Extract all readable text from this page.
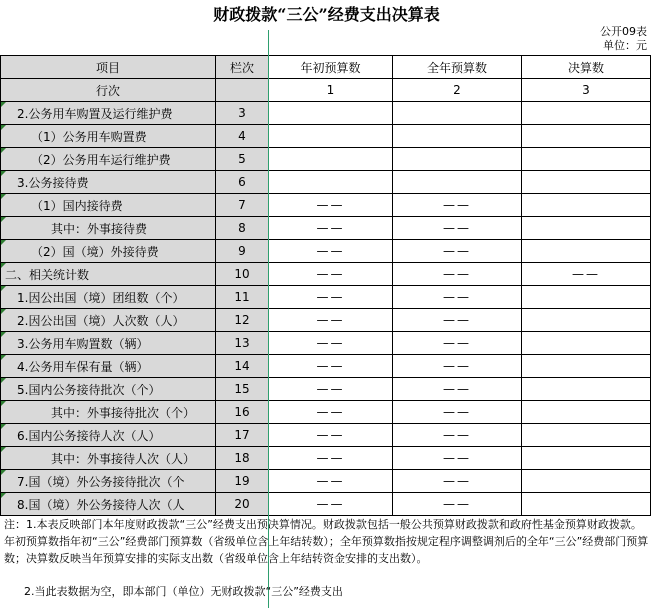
财政拨款“三公”经费支出决算表
公开09表
单位：元
项目	栏次	年初预算数	全年预算数	决算数
行次		1	2	3

2.公务用车购置及运行维护费	3			

（1）公务用车购置费	4			

（2）公务用车运行维护费	5			

3.公务接待费	6			

（1）国内接待费	7	——	——	

其中：外事接待费	8	——	——	

（2）国（境）外接待费	9	——	——	

二、相关统计数	10	——	——	——

1.因公出国（境）团组数（个）	11	——	——	

2.因公出国（境）人次数（人）	12	——	——	

3.公务用车购置数（辆）	13	——	——	

4.公务用车保有量（辆）	14	——	——	

5.国内公务接待批次（个）	15	——	——	

其中：外事接待批次（个）	16	——	——	

6.国内公务接待人次（人）	17	——	——	

其中：外事接待人次（人）	18	——	——	

7.国（境）外公务接待批次（个	19	——	——	

8.国（境）外公务接待人次（人	20	——	——	
注：1.本表反映部门本年度财政拨款“三公”经费支出预决算情况。财政拨款包括一般公共预算财政拨款和政府性基金预算财政拨款。年初预算数指年初“三公”经费部门预算数（省级单位含上年结转数）；全年预算数指按规定程序调整调剂后的全年“三公”经费部门预算数；决算数反映当年预算安排的实际支出数（省级单位含上年结转资金安排的支出数）。
2.当此表数据为空，即本部门（单位）无财政拨款“三公”经费支出
